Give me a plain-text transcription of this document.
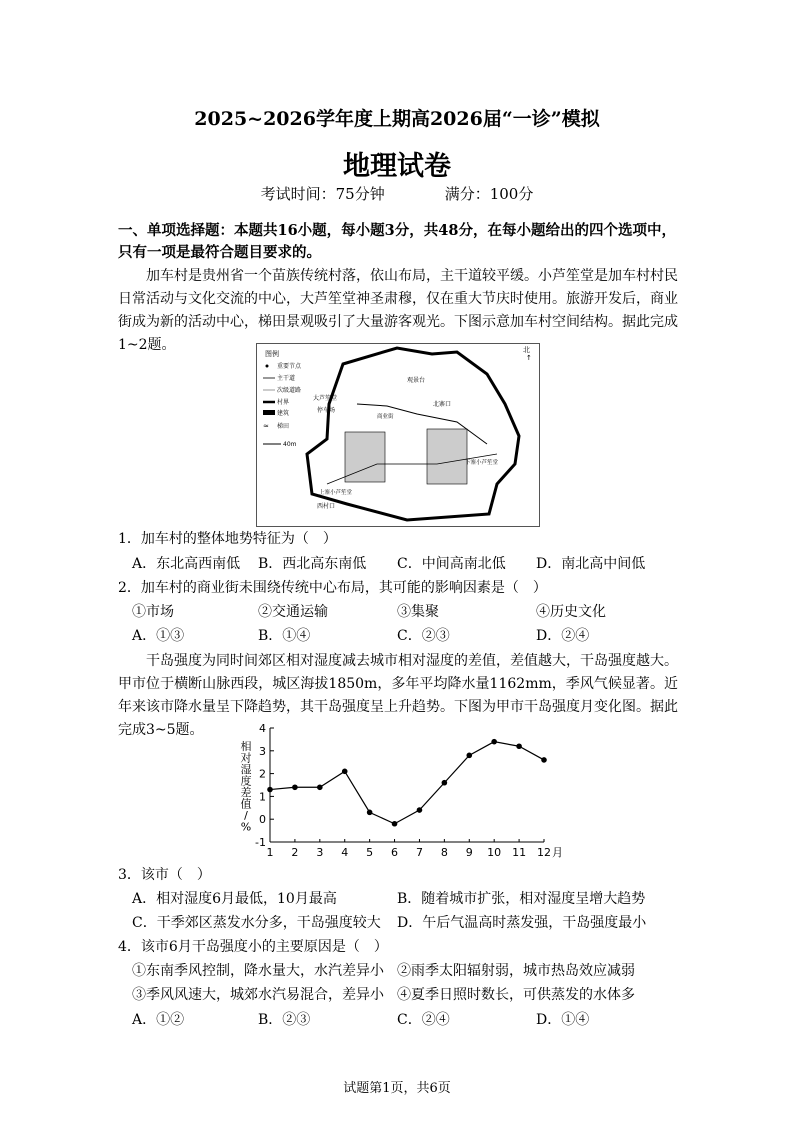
2025~2026学年度上期高2026届“一诊”模拟
地理试卷
考试时间：75分钟	满分：100分
一、单项选择题：本题共16小题，每小题3分，共48分，在每小题给出的四个选项中，只有一项是最符合题目要求的。
加车村是贵州省一个苗族传统村落，依山布局，主干道较平缓。小芦笙堂是加车村村民日常活动与文化交流的中心，大芦笙堂神圣肃穆，仅在重大节庆时使用。旅游开发后，商业街成为新的活动中心，梯田景观吸引了大量游客观光。下图示意加车村空间结构。据此完成1~2题。
图例
重要节点
主干道
次级道路
村界
建筑
≈ 梯田
40m
北
↑
观景台
北寨口
大芦笙堂
停车场
商业街
下寨小芦笙堂
上寨小芦笙堂
西村口
1．加车村的整体地势特征为（　）
A．东北高西南低 B．西北高东南低 C．中间高南北低 D．南北高中间低
2．加车村的商业街未围绕传统中心布局，其可能的影响因素是（　）
①市场	②交通运输	③集聚	④历史文化
A．①③	B．①④	C．②③	D．②④
干岛强度为同时间郊区相对湿度减去城市相对湿度的差值，差值越大，干岛强度越大。甲市位于横断山脉西段，城区海拔1850m，多年平均降水量1162mm，季风气候显著。近年来该市降水量呈下降趋势，其干岛强度呈上升趋势。下图为甲市干岛强度月变化图。据此完成3~5题。
相
对
湿
度
差
值
/
%
4
3
2
1
0
-1
1 2 3 4 5 6 7 8 9 10 11 12 月
3．该市（　）
A．相对湿度6月最低，10月最高	B．随着城市扩张，相对湿度呈增大趋势
C．干季郊区蒸发水分多，干岛强度较大 D．午后气温高时蒸发强，干岛强度最小
4．该市6月干岛强度小的主要原因是（　）
①东南季风控制，降水量大，水汽差异小 ②雨季太阳辐射弱，城市热岛效应减弱
③季风风速大，城郊水汽易混合，差异小 ④夏季日照时数长，可供蒸发的水体多
A．①②	B．②③	C．②④	D．①④
试题第1页，共6页
